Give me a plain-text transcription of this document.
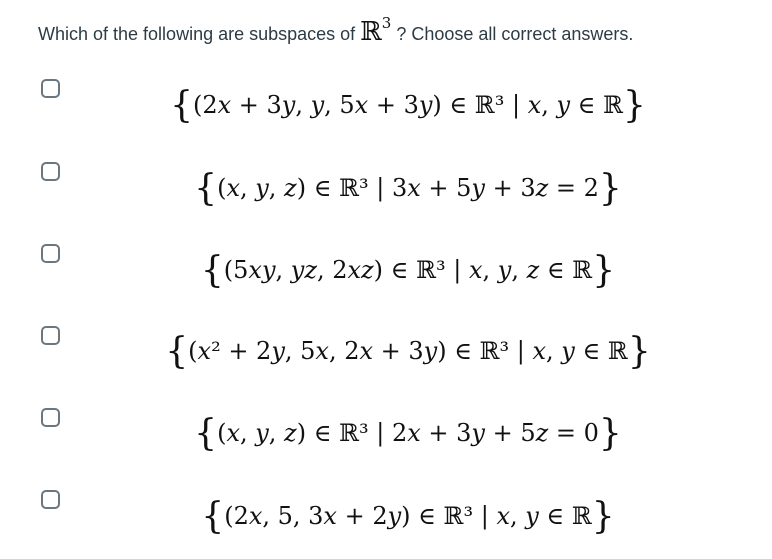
Which of the following are subspaces of ℝ$^3$ ? Choose all correct answers.
{(2𝑥 + 3𝑦, 𝑦, 5𝑥 + 3𝑦) ∈ ℝ³ | 𝑥, 𝑦 ∈ ℝ}
{(𝑥, 𝑦, 𝑧) ∈ ℝ³ | 3𝑥 + 5𝑦 + 3𝑧 = 2}
{(5𝑥𝑦, 𝑦𝑧, 2𝑥𝑧) ∈ ℝ³ | 𝑥, 𝑦, 𝑧 ∈ ℝ}
{(𝑥² + 2𝑦, 5𝑥, 2𝑥 + 3𝑦) ∈ ℝ³ | 𝑥, 𝑦 ∈ ℝ}
{(𝑥, 𝑦, 𝑧) ∈ ℝ³ | 2𝑥 + 3𝑦 + 5𝑧 = 0}
{(2𝑥, 5, 3𝑥 + 2𝑦) ∈ ℝ³ | 𝑥, 𝑦 ∈ ℝ}
